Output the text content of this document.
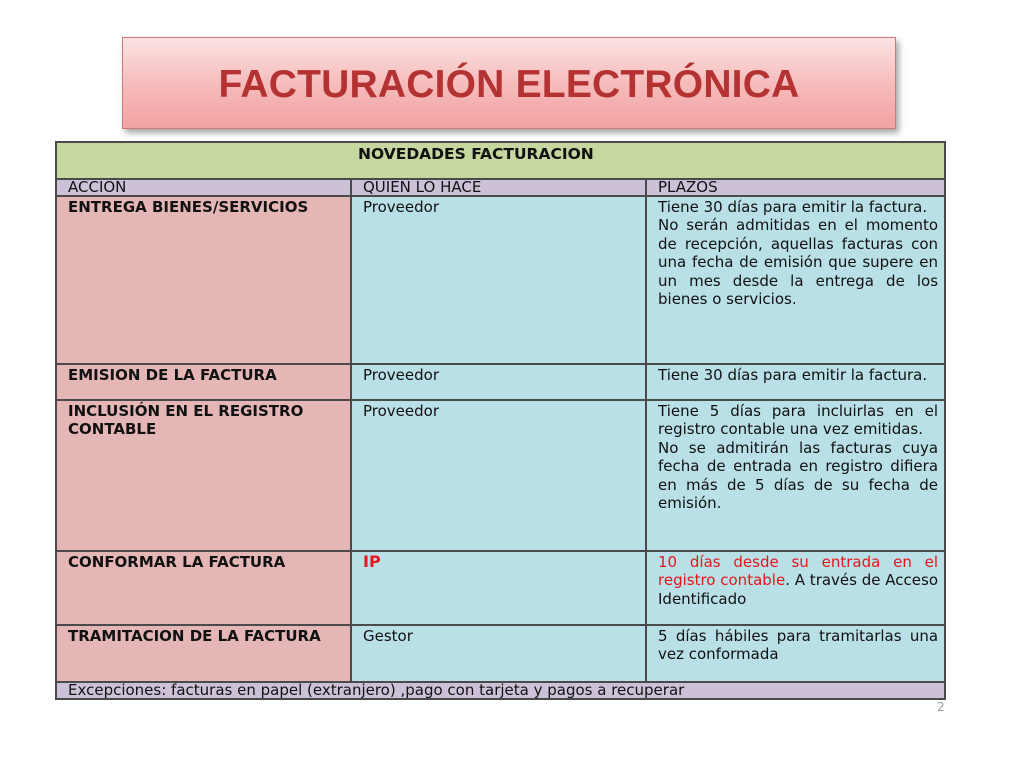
FACTURACIÓN ELECTRÓNICA
NOVEDADES FACTURACION		
ACCION	QUIEN LO HACE	PLAZOS
ENTREGA BIENES/SERVICIOS	Proveedor	Tiene 30 días para emitir la factura.
No serán admitidas en el momento de recepción, aquellas facturas con una fecha de emisión que supere en un mes desde la entrega de los bienes o servicios.

EMISION DE LA FACTURA	Proveedor	Tiene 30 días para emitir la factura.
INCLUSIÓN EN EL REGISTRO CONTABLE	Proveedor	Tiene 5 días para incluirlas en el registro contable una vez emitidas.
No se admitirán las facturas cuya fecha de entrada en registro difiera en más de 5 días de su fecha de emisión.

CONFORMAR LA FACTURA	IP	10 días desde su entrada en el registro contable. A través de Acceso Identificado
TRAMITACION DE LA FACTURA	Gestor	5 días hábiles para tramitarlas una vez conformada
Excepciones: facturas en papel (extranjero) ,pago con tarjeta y pagos a recuperar		
2
